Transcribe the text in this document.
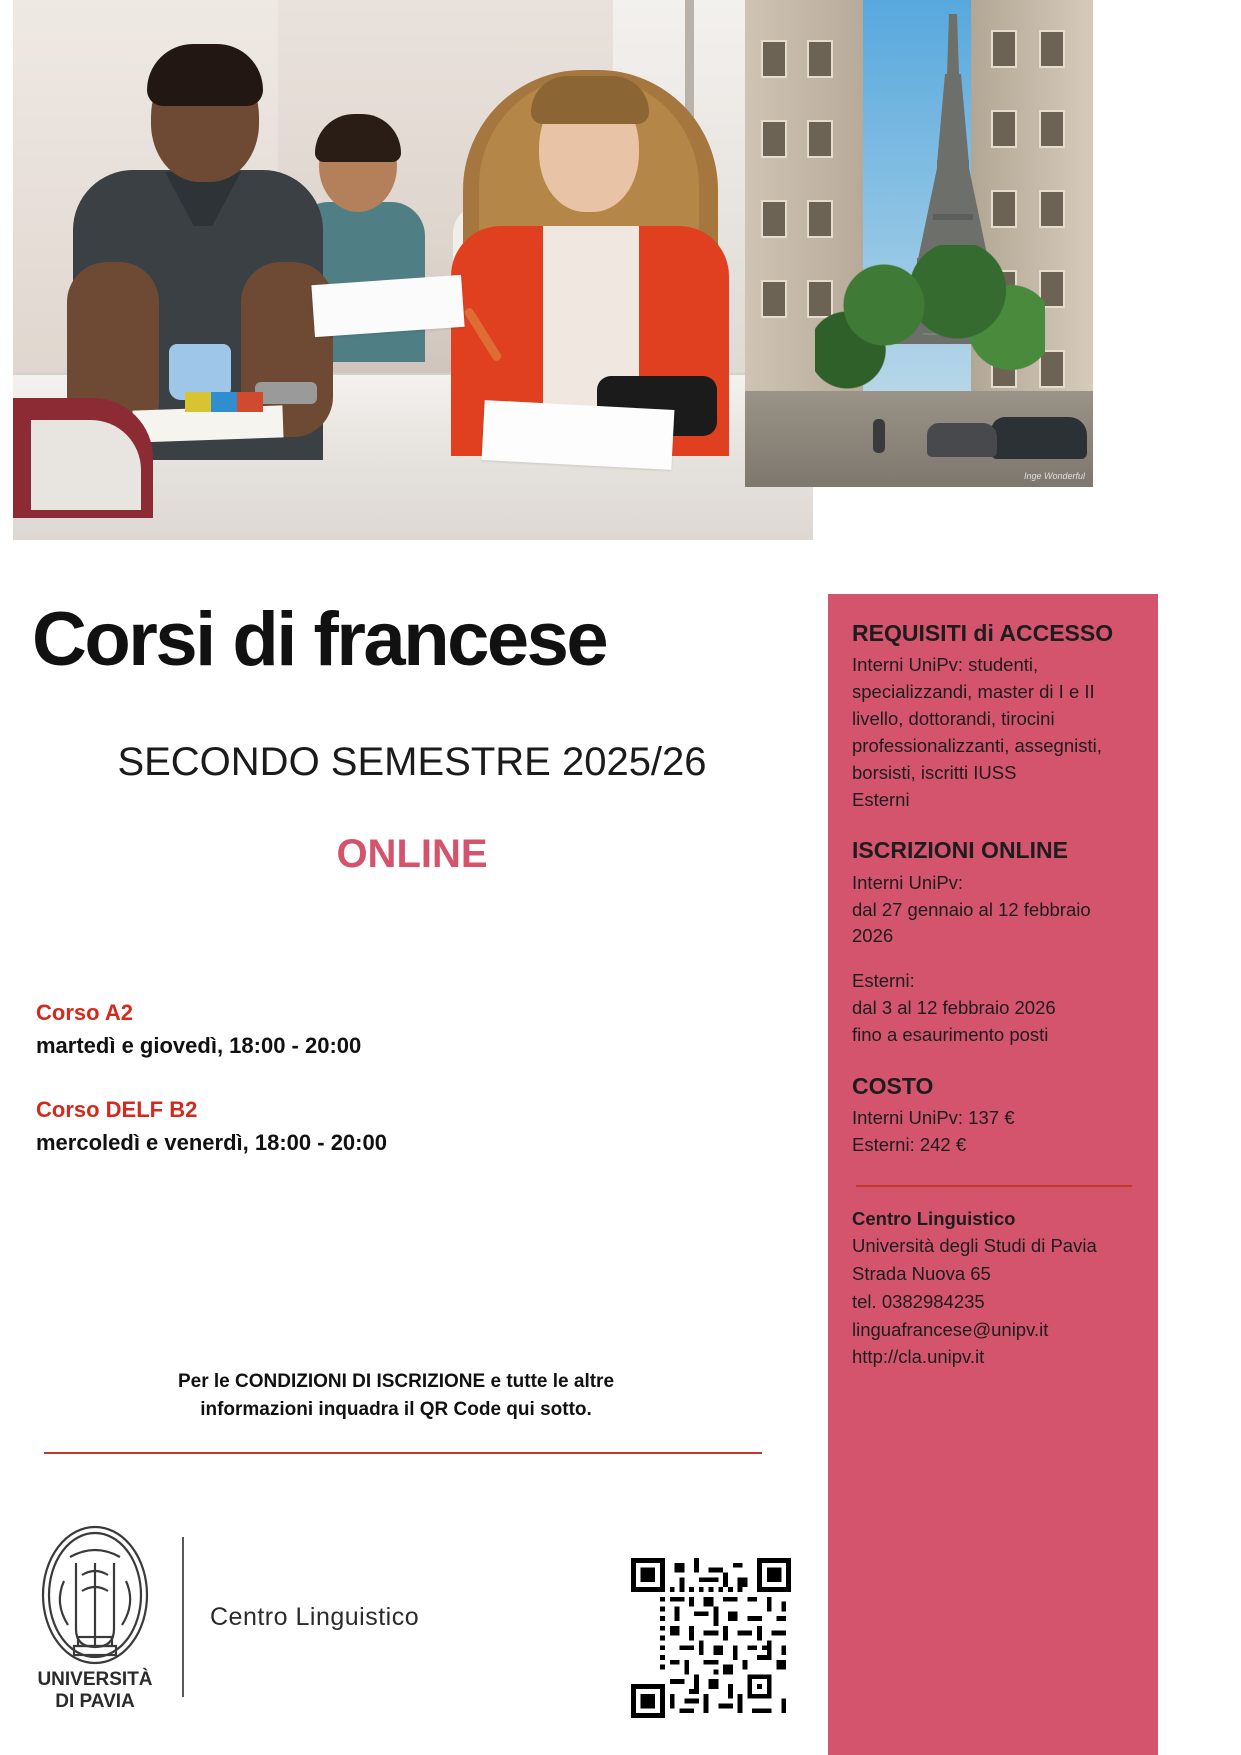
Inge Wonderful
Corsi di francese
SECONDO SEMESTRE 2025/26
ONLINE

Corso A2

martedì e giovedì, 18:00 - 20:00

Corso DELF B2

mercoledì e venerdì, 18:00 - 20:00

Per le CONDIZIONI DI ISCRIZIONE e tutte le altre
informazioni inquadra il QR Code qui sotto.
REQUISITI di ACCESSO

Interni UniPv: studenti, specializzandi, master di I e II livello, dottorandi, tirocini professionalizzanti, assegnisti, borsisti, iscritti IUSS

Esterni

ISCRIZIONI ONLINE

Interni UniPv:

dal 27 gennaio al 12 febbraio 2026

Esterni:

dal 3 al 12 febbraio 2026

fino a esaurimento posti

COSTO

Interni UniPv: 137 €

Esterni: 242 €

Centro Linguistico
Università degli Studi di Pavia
Strada Nuova 65
tel. 0382984235
linguafrancese@unipv.it
http://cla.unipv.it
UNIVERSITÀ
DI PAVIA
Centro Linguistico
